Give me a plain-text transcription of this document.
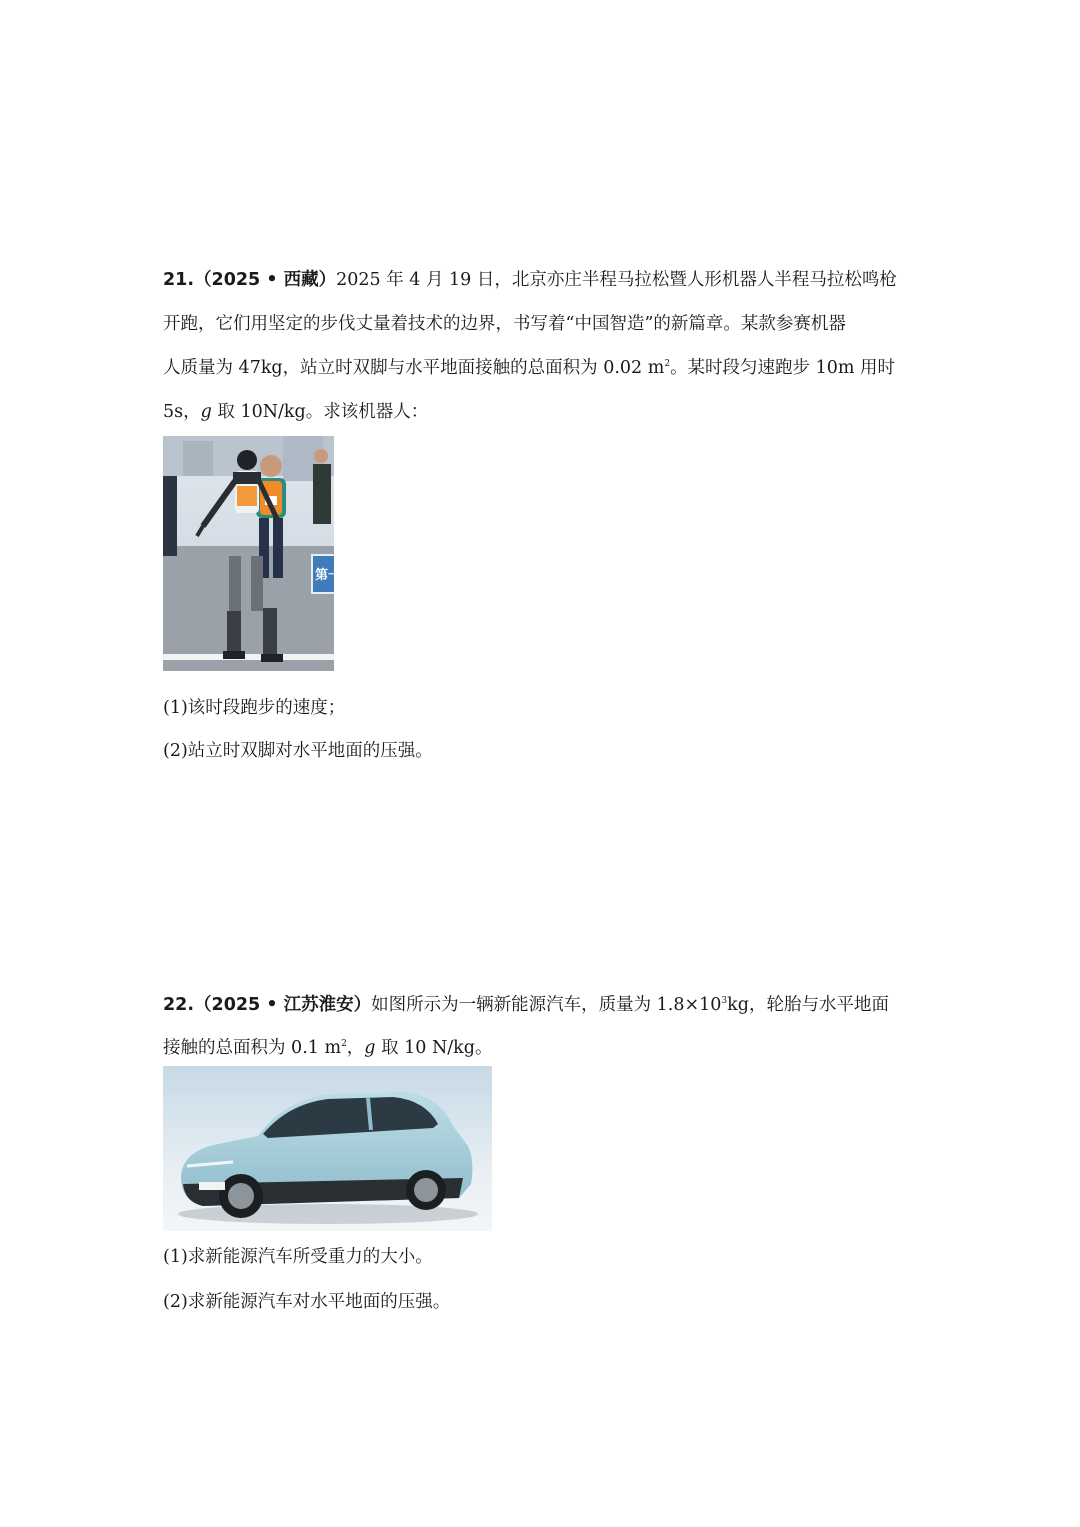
21.（2025 • 西藏）2025 年 4 月 19 日，北京亦庄半程马拉松暨人形机器人半程马拉松鸣枪
开跑，它们用坚定的步伐丈量着技术的边界，书写着“中国智造”的新篇章。某款参赛机器
人质量为 47kg，站立时双脚与水平地面接触的总面积为 0.02 $m^2$。某时段匀速跑步 10m 用时
5s，g 取 10N/kg。求该机器人：
第一
(1)该时段跑步的速度；
(2)站立时双脚对水平地面的压强。
22.（2025 • 江苏淮安）如图所示为一辆新能源汽车，质量为 $1.8\times 10^3kg$，轮胎与水平地面
接触的总面积为 0.1 $m^2$，g 取 10 N/kg。
(1)求新能源汽车所受重力的大小。
(2)求新能源汽车对水平地面的压强。
